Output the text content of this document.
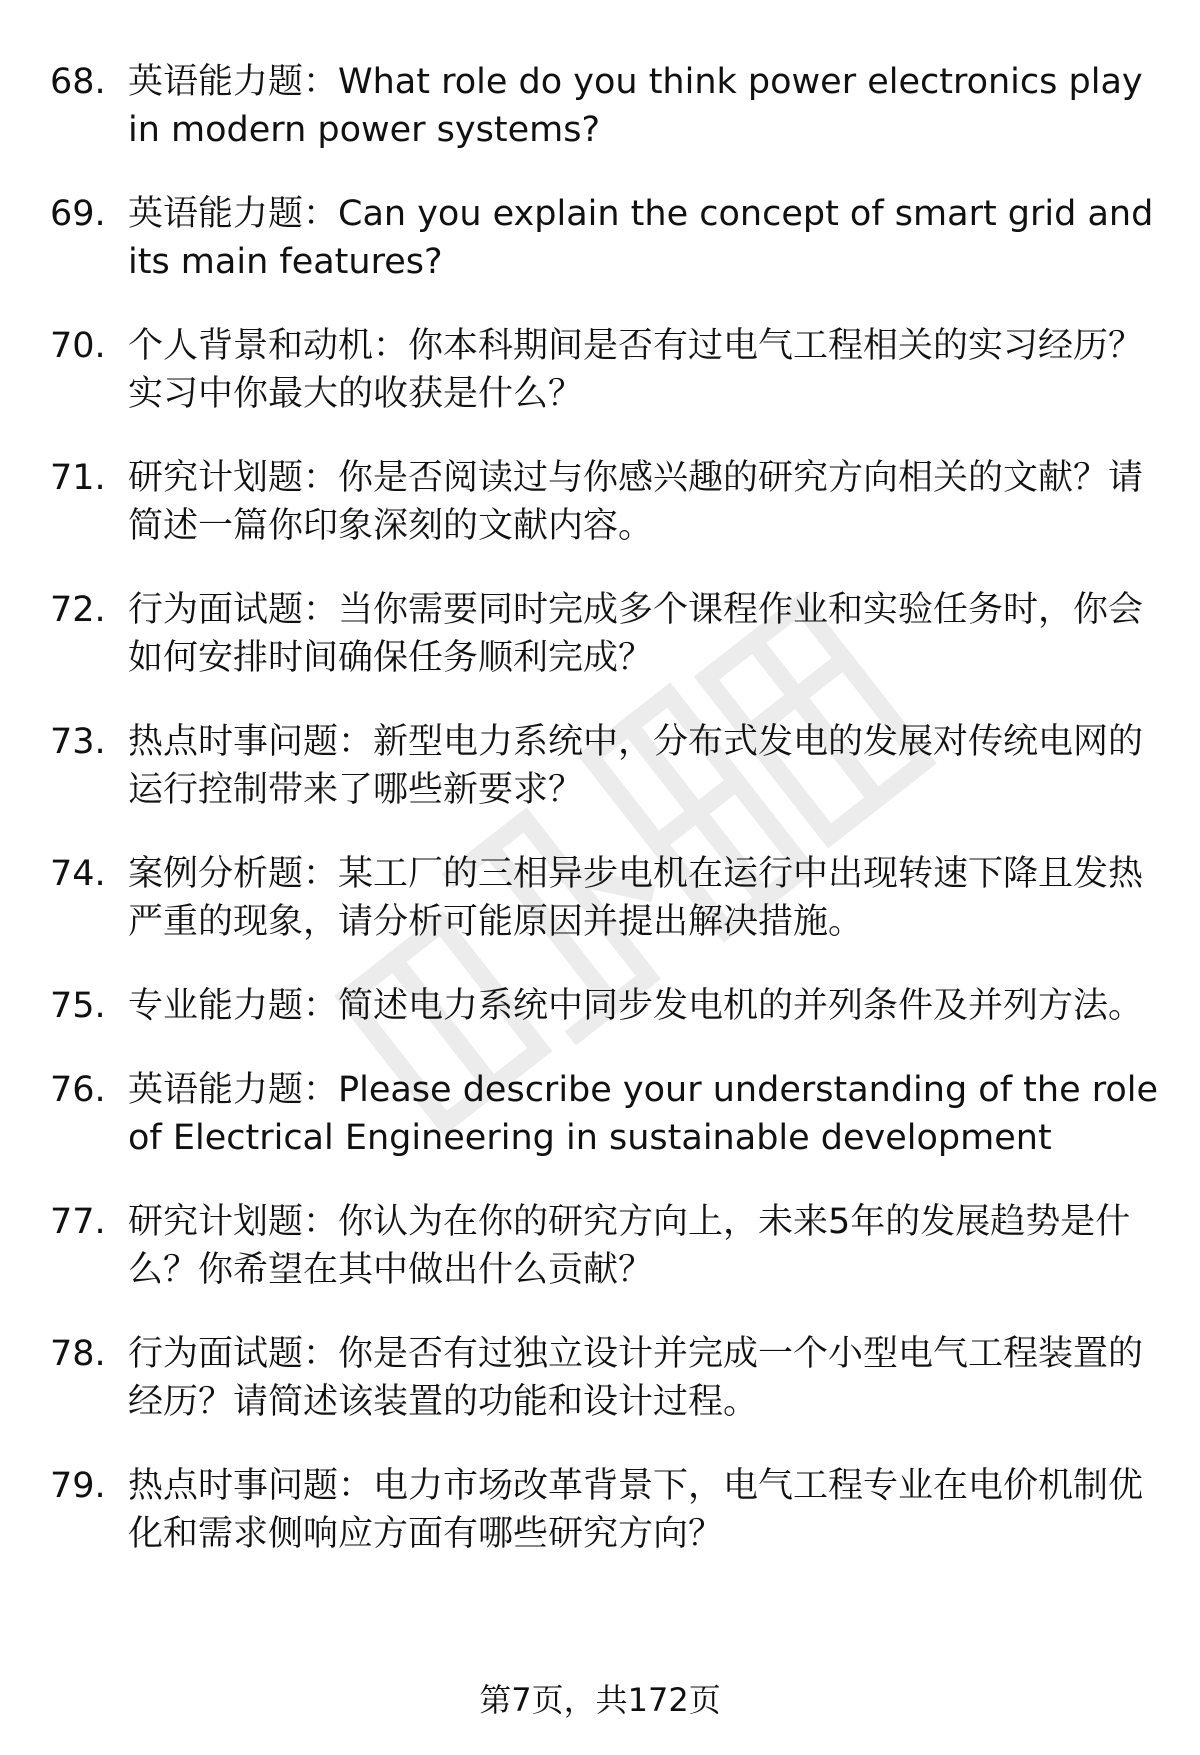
68. 英语能力题：What role do you think power electronics play in modern power systems?
69. 英语能力题：Can you explain the concept of smart grid and its main features?
70. 个人背景和动机：你本科期间是否有过电气工程相关的实习经历？实习中你最大的收获是什么？
71. 研究计划题：你是否阅读过与你感兴趣的研究方向相关的文献？请简述一篇你印象深刻的文献内容。
72. 行为面试题：当你需要同时完成多个课程作业和实验任务时，你会如何安排时间确保任务顺利完成？
73. 热点时事问题：新型电力系统中，分布式发电的发展对传统电网的运行控制带来了哪些新要求？
74. 案例分析题：某工厂的三相异步电机在运行中出现转速下降且发热严重的现象，请分析可能原因并提出解决措施。
75. 专业能力题：简述电力系统中同步发电机的并列条件及并列方法。
76. 英语能力题：Please describe your understanding of the role of Electrical Engineering in sustainable development
77. 研究计划题：你认为在你的研究方向上，未来5年的发展趋势是什么？你希望在其中做出什么贡献？
78. 行为面试题：你是否有过独立设计并完成一个小型电气工程装置的经历？请简述该装置的功能和设计过程。
79. 热点时事问题：电力市场改革背景下，电气工程专业在电价机制优化和需求侧响应方面有哪些研究方向？
第7页，共172页
